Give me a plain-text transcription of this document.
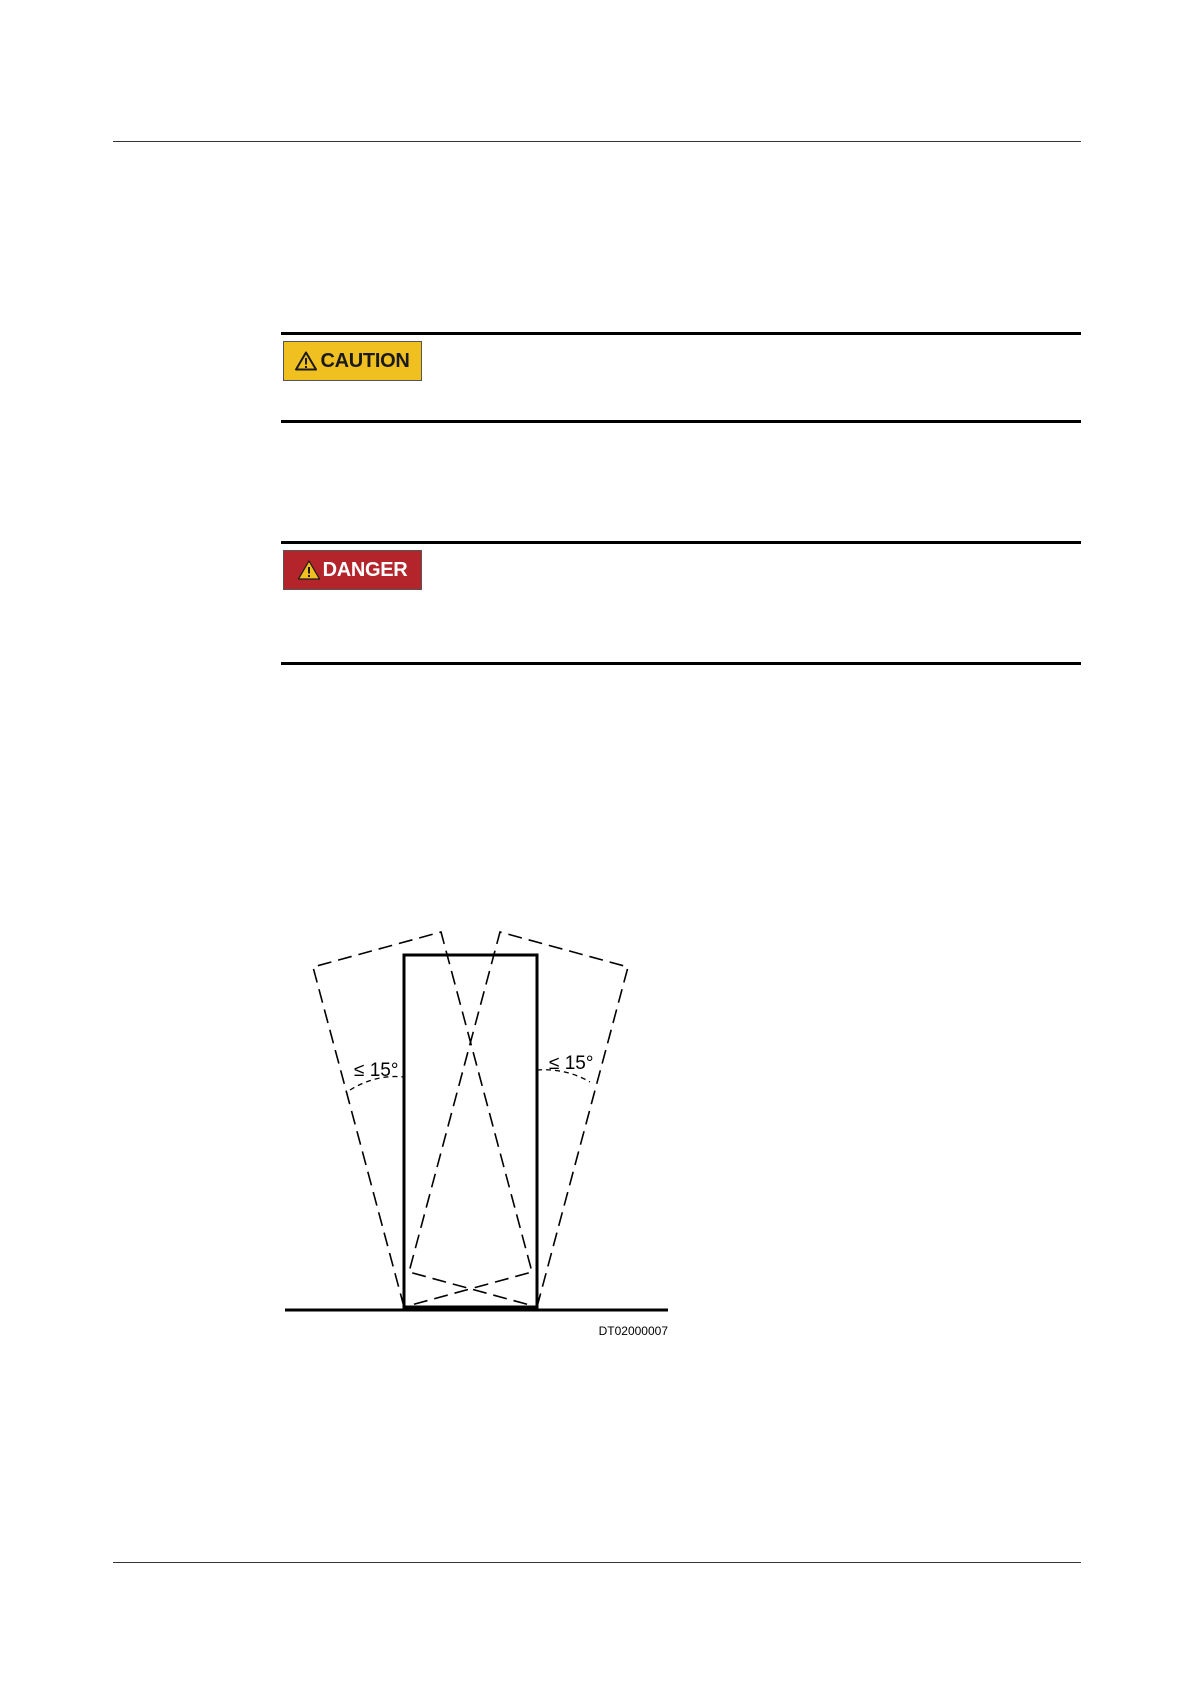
CAUTION
DANGER
≤ 15°	≤ 15°
DT02000007
